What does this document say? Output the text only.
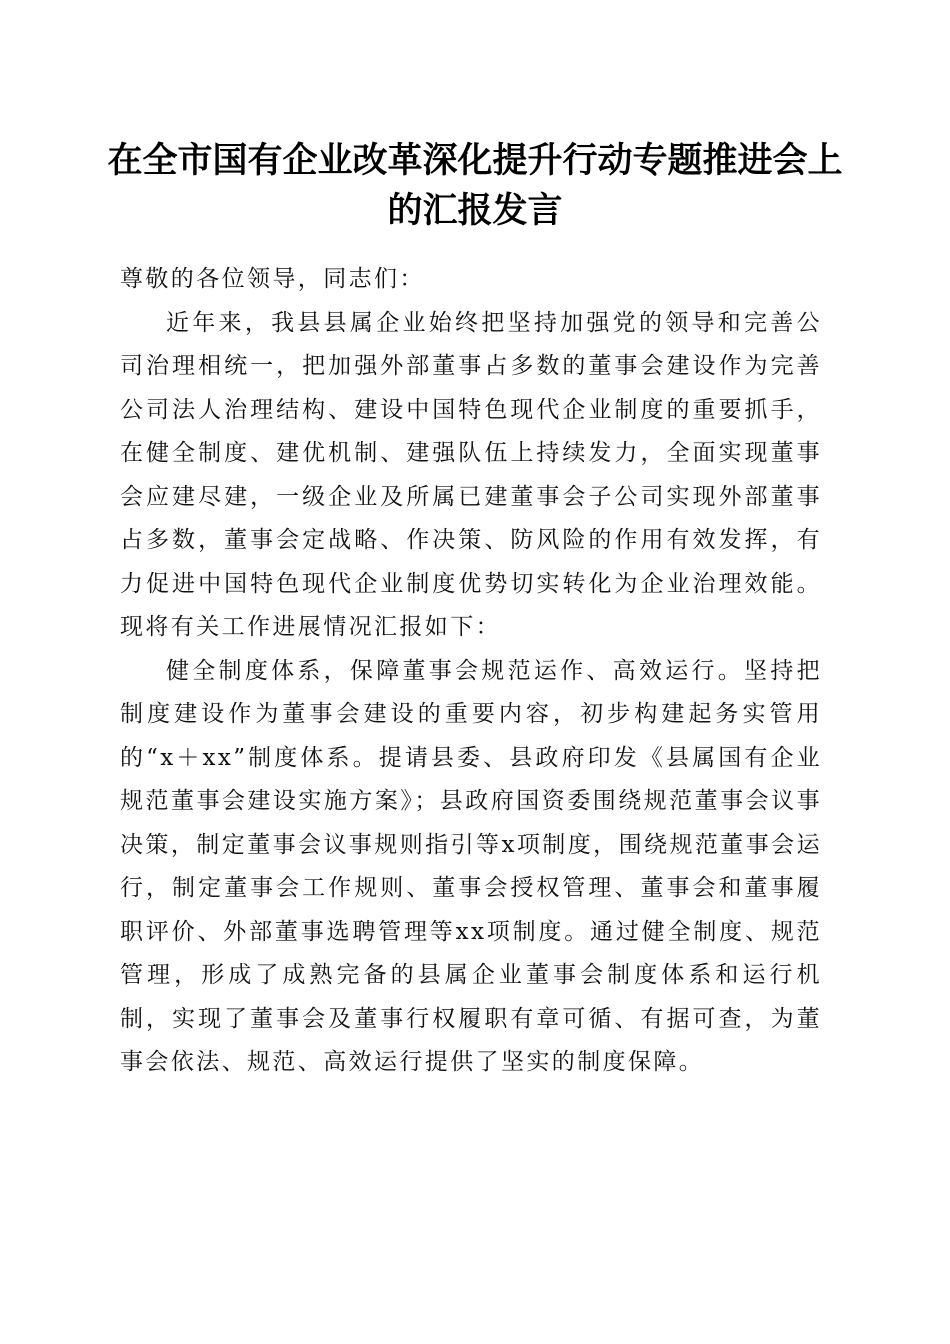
在全市国有企业改革深化提升行动专题推进会上的汇报发言

尊敬的各位领导，同志们：

近年来，我县县属企业始终把坚持加强党的领导和完善公司治理相统一，把加强外部董事占多数的董事会建设作为完善公司法人治理结构、建设中国特色现代企业制度的重要抓手，在健全制度、建优机制、建强队伍上持续发力，全面实现董事会应建尽建，一级企业及所属已建董事会子公司实现外部董事占多数，董事会定战略、作决策、防风险的作用有效发挥，有力促进中国特色现代企业制度优势切实转化为企业治理效能。现将有关工作进展情况汇报如下：

健全制度体系，保障董事会规范运作、高效运行。坚持把制度建设作为董事会建设的重要内容，初步构建起务实管用的“x＋xx”制度体系。提请县委、县政府印发《县属国有企业规范董事会建设实施方案》；县政府国资委围绕规范董事会议事决策，制定董事会议事规则指引等x项制度，围绕规范董事会运行，制定董事会工作规则、董事会授权管理、董事会和董事履职评价、外部董事选聘管理等xx项制度。通过健全制度、规范管理，形成了成熟完备的县属企业董事会制度体系和运行机制，实现了董事会及董事行权履职有章可循、有据可查，为董事会依法、规范、高效运行提供了坚实的制度保障。
